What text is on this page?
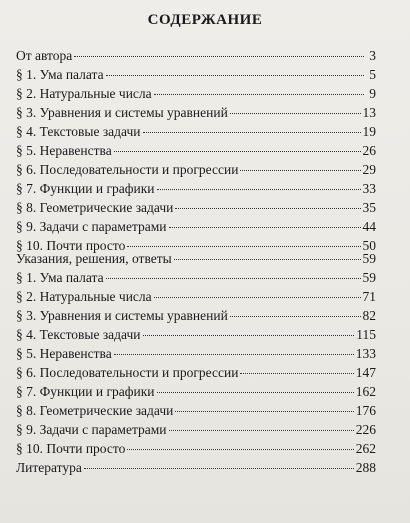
СОДЕРЖАНИЕ
От автора	3
§ 1. Ума палата	5
§ 2. Натуральные числа	9
§ 3. Уравнения и системы уравнений	13
§ 4. Текстовые задачи	19
§ 5. Неравенства	26
§ 6. Последовательности и прогрессии	29
§ 7. Функции и графики	33
§ 8. Геометрические задачи	35
§ 9. Задачи с параметрами	44
§ 10. Почти просто	50
Указания, решения, ответы	59
§ 1. Ума палата	59
§ 2. Натуральные числа	71
§ 3. Уравнения и системы уравнений	82
§ 4. Текстовые задачи	115
§ 5. Неравенства	133
§ 6. Последовательности и прогрессии	147
§ 7. Функции и графики	162
§ 8. Геометрические задачи	176
§ 9. Задачи с параметрами	226
§ 10. Почти просто	262
Литература	288
